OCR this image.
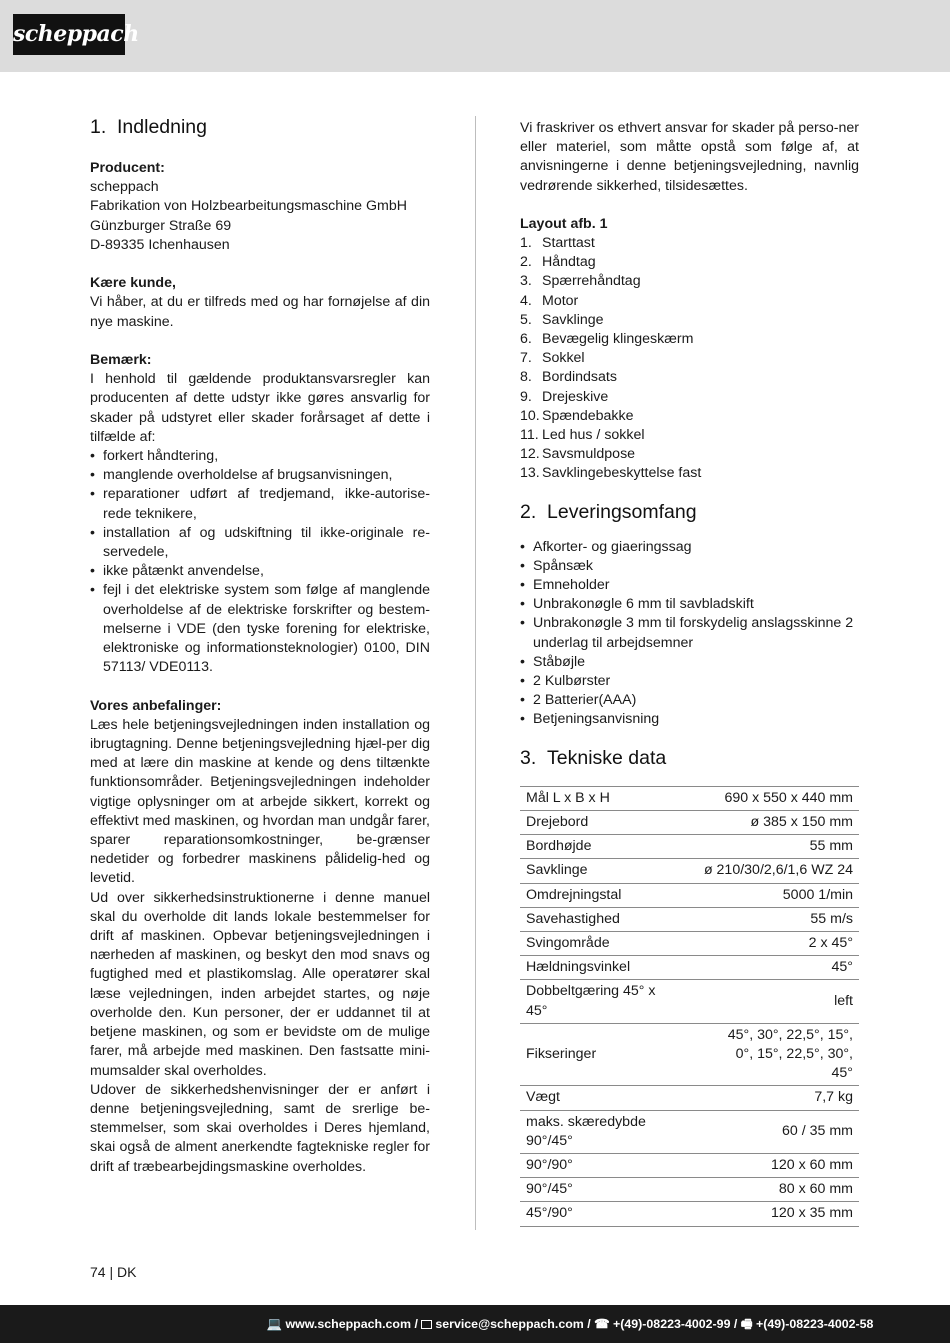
scheppach
1. Indledning

Producent:

scheppach

Fabrikation von Holzbearbeitungsmaschine GmbH

Günzburger Straße 69

D-89335 Ichenhausen

Kære kunde,

Vi håber, at du er tilfreds med og har fornøjelse af din nye maskine.

Bemærk:

I henhold til gældende produktansvarsregler kan producenten af dette udstyr ikke gøres ansvarlig for skader på udstyret eller skader forårsaget af dette i tilfælde af:

• forkert håndtering,
• manglende overholdelse af brugsanvisningen,
• reparationer udført af tredjemand, ikke-autorise-rede teknikere,
• installation af og udskiftning til ikke-originale re-servedele,
• ikke påtænkt anvendelse,
• fejl i det elektriske system som følge af manglende overholdelse af de elektriske forskrifter og bestem-melserne i VDE (den tyske forening for elektriske, elektroniske og informationsteknologier) 0100, DIN 57113/ VDE0113.

Vores anbefalinger:

Læs hele betjeningsvejledningen inden installation og ibrugtagning. Denne betjeningsvejledning hjæl-per dig med at lære din maskine at kende og dens tiltænkte funktionsområder. Betjeningsvejledningen indeholder vigtige oplysninger om at arbejde sikkert, korrekt og effektivt med maskinen, og hvordan man undgår farer, sparer reparationsomkostninger, be-grænser nedetider og forbedrer maskinens pålidelig-hed og levetid.

Ud over sikkerhedsinstruktionerne i denne manuel skal du overholde dit lands lokale bestemmelser for drift af maskinen. Opbevar betjeningsvejledningen i nærheden af maskinen, og beskyt den mod snavs og fugtighed med et plastikomslag. Alle operatører skal læse vejledningen, inden arbejdet startes, og nøje overholde den. Kun personer, der er uddannet til at betjene maskinen, og som er bevidste om de mulige farer, må arbejde med maskinen. Den fastsatte mini-mumsalder skal overholdes.

Udover de sikkerhedshenvisninger der er anført i denne betjeningsvejledning, samt de srerlige be-stemmelser, som skai overholdes i Deres hjemland, skai også de alment anerkendte fagtekniske regler for drift af træbearbejdingsmaskine overholdes.

Vi fraskriver os ethvert ansvar for skader på perso-ner eller materiel, som måtte opstå som følge af, at anvisningerne i denne betjeningsvejledning, navnlig vedrørende sikkerhed, tilsidesættes.

Layout afb. 1

1. Starttast
2. Håndtag
3. Spærrehåndtag
4. Motor
5. Savklinge
6. Bevægelig klingeskærm
7. Sokkel
8. Bordindsats
9. Drejeskive
10. Spændebakke
11. Led hus / sokkel
12. Savsmuldpose
13. Savklingebeskyttelse fast
2. Leveringsomfang
• Afkorter- og giaeringssag
• Spånsæk
• Emneholder
• Unbrakonøgle 6 mm til savbladskift
• Unbrakonøgle 3 mm til forskydelig anslagsskinne 2 underlag til arbejdsemner
• Ståbøjle
• 2 Kulbørster
• 2 Batterier(AAA)
• Betjeningsanvisning
3. Tekniske data
Mål L x B x H	690 x 550 x 440 mm
Drejebord	ø 385 x 150 mm
Bordhøjde	55 mm
Savklinge	ø 210/30/2,6/1,6 WZ 24
Omdrejningstal	5000 1/min
Savehastighed	55 m/s
Svingområde	2 x 45°
Hældningsvinkel	45°
Dobbeltgæring 45° x 45°	left
Fikseringer	45°, 30°, 22,5°, 15°, 0°, 15°, 22,5°, 30°, 45°
Vægt	7,7 kg
maks. skæredybde 90°/45°	60 / 35 mm
90°/90°	120 x 60 mm
90°/45°	80 x 60 mm
45°/90°	120 x 35 mm
74 | DK
💻 www.scheppach.com / service@scheppach.com / ☎ +(49)-08223-4002-99 / 🖷 +(49)-08223-4002-58
